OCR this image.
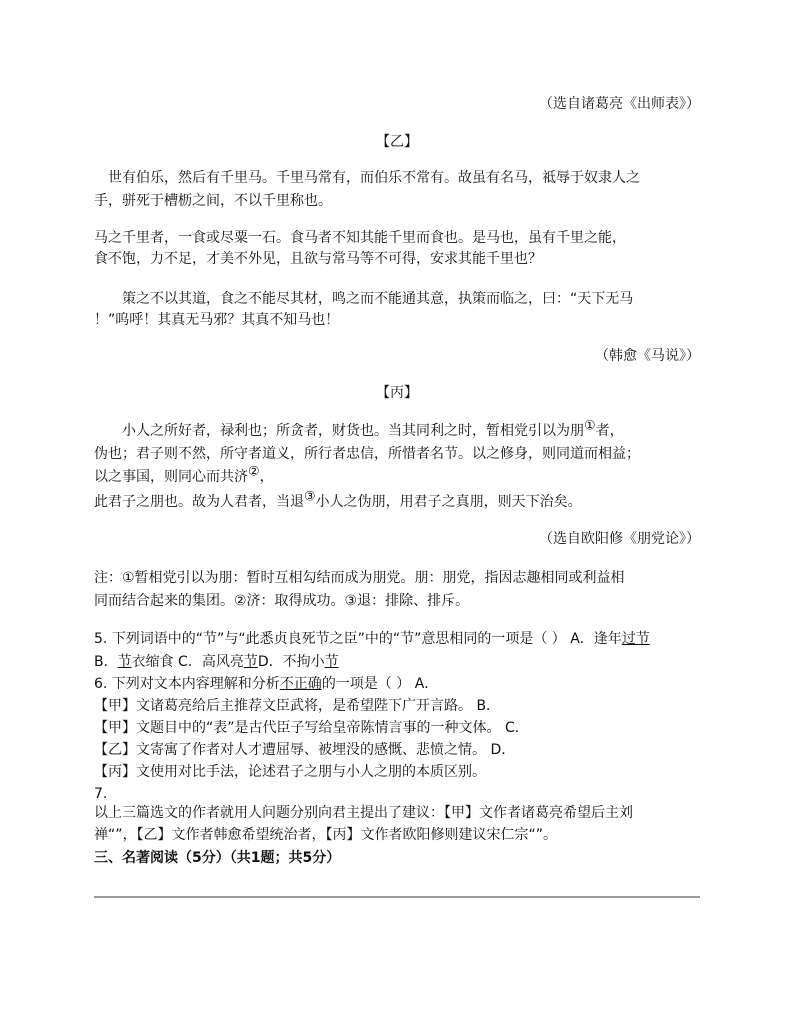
（选自诸葛亮《出师表》）
【乙】
世有伯乐，然后有千里马。千里马常有，而伯乐不常有。故虽有名马，祗辱于奴隶人之
手，骈死于槽枥之间，不以千里称也。
马之千里者，一食或尽粟一石。食马者不知其能千里而食也。是马也，虽有千里之能，
食不饱，力不足，才美不外见，且欲与常马等不可得，安求其能千里也？
策之不以其道，食之不能尽其材，鸣之而不能通其意，执策而临之，曰：“天下无马
！”呜呼！其真无马邪？其真不知马也！
（韩愈《马说》）
【丙】
小人之所好者，禄利也；所贪者，财货也。当其同利之时，暂相党引以为朋①者，
伪也；君子则不然，所守者道义，所行者忠信，所惜者名节。以之修身，则同道而相益；
以之事国，则同心而共济②，
此君子之朋也。故为人君者，当退③小人之伪朋，用君子之真朋，则天下治矣。
（选自欧阳修《朋党论》）
注：①暂相党引以为朋：暂时互相勾结而成为朋党。朋：朋党，指因志趣相同或利益相
同而结合起来的集团。②济：取得成功。③退：排除、排斥。
5. 下列词语中的“节”与“此悉贞良死节之臣”中的“节”意思相同的一项是（ ） A．逢年过节
B．节衣缩食 C．高风亮节D．不拘小节
6. 下列对文本内容理解和分析不正确的一项是（ ） A．
【甲】文诸葛亮给后主推荐文臣武将，是希望陛下广开言路。 B．
【甲】文题目中的“表”是古代臣子写给皇帝陈情言事的一种文体。 C．
【乙】文寄寓了作者对人才遭屈辱、被埋没的感慨、悲愤之情。 D．
【丙】文使用对比手法，论述君子之朋与小人之朋的本质区别。
7.
以上三篇选文的作者就用人问题分别向君主提出了建议：【甲】文作者诸葛亮希望后主刘
禅“”，【乙】文作者韩愈希望统治者，【丙】文作者欧阳修则建议宋仁宗“”。
三、名著阅读（5分）（共1题；共5分）
